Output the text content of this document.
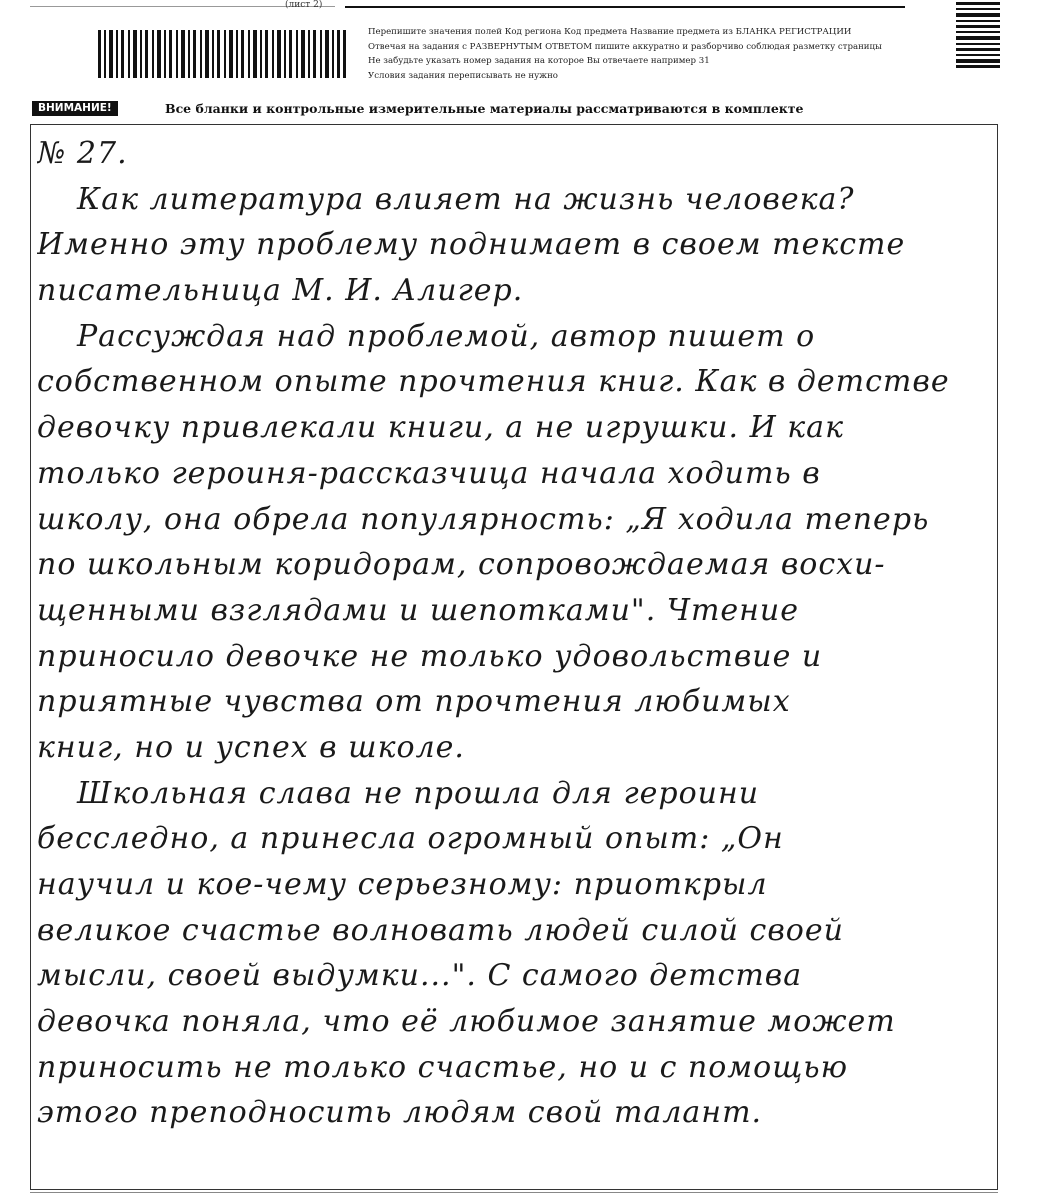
(лист 2)
Перепишите значения полей Код региона Код предмета Название предмета из БЛАНКА РЕГИСТРАЦИИ
Отвечая на задания с РАЗВЕРНУТЫМ ОТВЕТОМ пишите аккуратно и разборчиво соблюдая разметку страницы
Не забудьте указать номер задания на которое Вы отвечаете например 31
Условия задания переписывать не нужно
ВНИМАНИЕ!	Все бланки и контрольные измерительные материалы рассматриваются в комплекте
№ 27.
Как литература влияет на жизнь человека?
Именно эту проблему поднимает в своем тексте
писательница М. И. Алигер.
Рассуждая над проблемой, автор пишет о
собственном опыте прочтения книг. Как в детстве
девочку привлекали книги, а не игрушки. И как
только героиня-рассказчица начала ходить в
школу, она обрела популярность: „Я ходила теперь
по школьным коридорам, сопровождаемая восхи-
щенными взглядами и шепотками". Чтение
приносило девочке не только удовольствие и
приятные чувства от прочтения любимых
книг, но и успех в школе.
Школьная слава не прошла для героини
бесследно, а принесла огромный опыт: „Он
научил и кое-чему серьезному: приоткрыл
великое счастье волновать людей силой своей
мысли, своей выдумки...". С самого детства
девочка поняла, что её любимое занятие может
приносить не только счастье, но и с помощью
этого преподносить людям свой талант.
